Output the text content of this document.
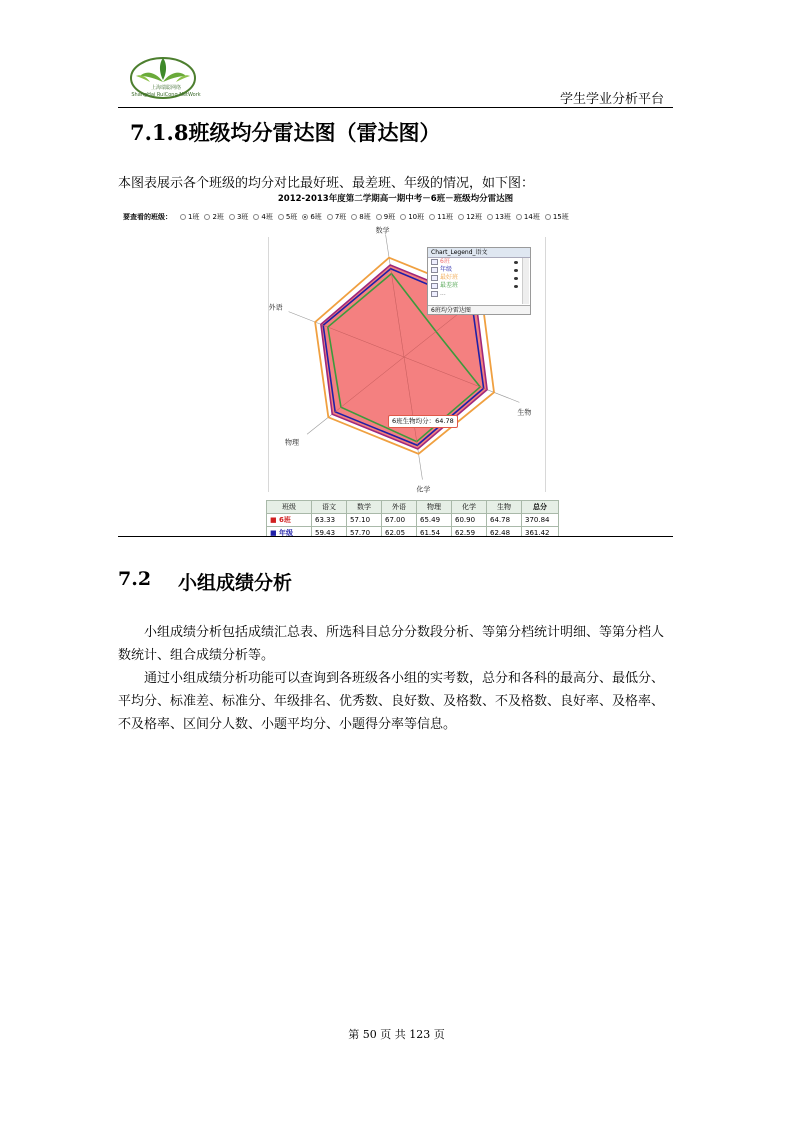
上海瑞聪网络
ShangHai RuiCong NetWork	学生学业分析平台
7.1.8班级均分雷达图（雷达图）
本图表展示各个班级的均分对比最好班、最差班、年级的情况，如下图：
2012-2013年度第二学期高一期中考－6班－班级均分雷达图
要查看的班级： 1班 2班 3班 4班 5班 6班 7班 8班 9班 10班 11班 12班 13班 14班 15班
数学
生物
化学
物理
外语
Chart_Legend_语文
6班
年级
最好班
最差班
...
6班均分雷达图
6班生物均分：64.78
班级	语文	数学	外语	物理	化学	生物	总分
■ 6班	63.33	57.10	67.00	65.49	60.90	64.78	370.84
■ 年级	59.43	57.70	62.05	61.54	62.59	62.48	361.42
7.2 小组成绩分析
小组成绩分析包括成绩汇总表、所选科目总分分数段分析、等第分档统计明细、等第分档人数统计、组合成绩分析等。
通过小组成绩分析功能可以查询到各班级各小组的实考数，总分和各科的最高分、最低分、平均分、标准差、标准分、年级排名、优秀数、良好数、及格数、不及格数、良好率、及格率、不及格率、区间分人数、小题平均分、小题得分率等信息。
第 50 页 共 123 页
